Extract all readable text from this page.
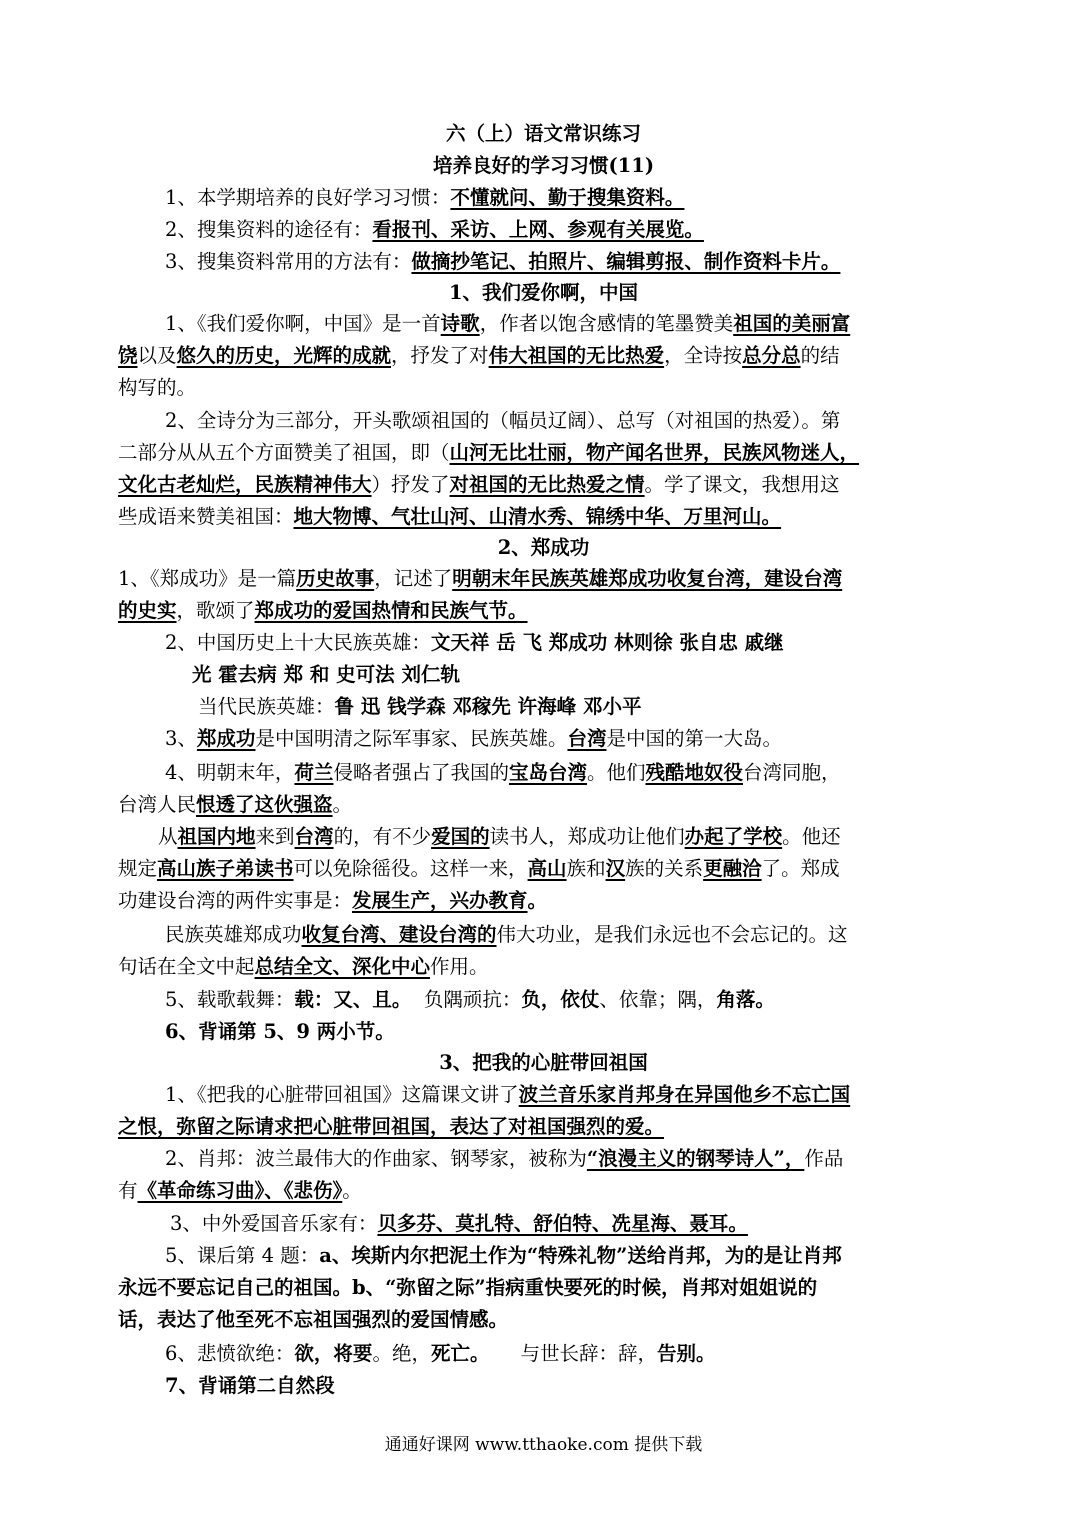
六（上）语文常识练习
培养良好的学习习惯(11)
1、本学期培养的良好学习习惯：不懂就问、勤于搜集资料。
2、搜集资料的途径有：看报刊、采访、上网、参观有关展览。
3、搜集资料常用的方法有：做摘抄笔记、拍照片、编辑剪报、制作资料卡片。
1、我们爱你啊，中国
1、《我们爱你啊，中国》是一首诗歌，作者以饱含感情的笔墨赞美祖国的美丽富
饶以及悠久的历史，光辉的成就，抒发了对伟大祖国的无比热爱，全诗按总分总的结
构写的。
2、全诗分为三部分，开头歌颂祖国的（幅员辽阔）、总写（对祖国的热爱）。第
二部分从从五个方面赞美了祖国，即（山河无比壮丽，物产闻名世界，民族风物迷人，
文化古老灿烂，民族精神伟大）抒发了对祖国的无比热爱之情。学了课文，我想用这
些成语来赞美祖国：地大物博、气壮山河、山清水秀、锦绣中华、万里河山。
2、郑成功
1、《郑成功》是一篇历史故事，记述了明朝末年民族英雄郑成功收复台湾，建设台湾
的史实，歌颂了郑成功的爱国热情和民族气节。
2、中国历史上十大民族英雄：文天祥 岳 飞 郑成功 林则徐 张自忠 戚继
光 霍去病 郑 和 史可法 刘仁轨
当代民族英雄：鲁 迅 钱学森 邓稼先 许海峰 邓小平
3、郑成功是中国明清之际军事家、民族英雄。台湾是中国的第一大岛。
4、明朝末年，荷兰侵略者强占了我国的宝岛台湾。他们残酷地奴役台湾同胞，
台湾人民恨透了这伙强盗。
从祖国内地来到台湾的，有不少爱国的读书人，郑成功让他们办起了学校。他还
规定高山族子弟读书可以免除徭役。这样一来，高山族和汉族的关系更融洽了。郑成
功建设台湾的两件实事是：发展生产，兴办教育。
民族英雄郑成功收复台湾、建设台湾的伟大功业，是我们永远也不会忘记的。这
句话在全文中起总结全文、深化中心作用。
5、载歌载舞：载：又、且。 负隅顽抗：负，依仗、依靠；隅，角落。
6、背诵第 5、9 两小节。
3、把我的心脏带回祖国
1、《把我的心脏带回祖国》这篇课文讲了波兰音乐家肖邦身在异国他乡不忘亡国
之恨，弥留之际请求把心脏带回祖国，表达了对祖国强烈的爱。
2、肖邦：波兰最伟大的作曲家、钢琴家，被称为“浪漫主义的钢琴诗人”，作品
有《革命练习曲》、《悲伤》。
3、中外爱国音乐家有：贝多芬、莫扎特、舒伯特、冼星海、聂耳。
5、课后第 4 题：a、埃斯内尔把泥土作为“特殊礼物”送给肖邦，为的是让肖邦
永远不要忘记自己的祖国。b、“弥留之际”指病重快要死的时候，肖邦对姐姐说的
话，表达了他至死不忘祖国强烈的爱国情感。
6、悲愤欲绝：欲，将要。绝，死亡。 与世长辞：辞，告别。
7、背诵第二自然段
通通好课网 www.tthaoke.com 提供下载
